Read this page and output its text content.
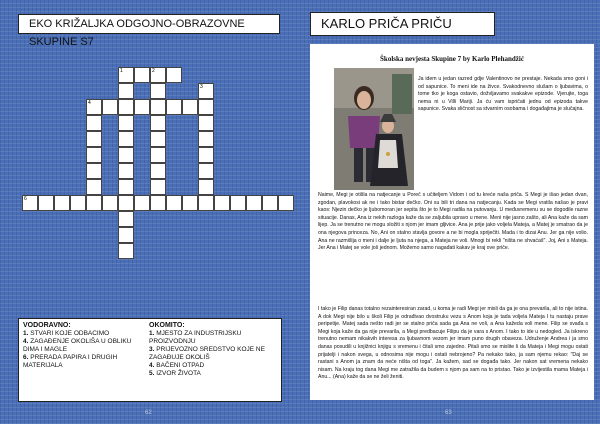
EKO KRIŽALJKA ODGOJNO-OBRAZOVNE SKUPINE S7
1	2
3
4
6
VODORAVNO:
1. STVARI KOJE ODBACIMO
4. ZAGAĐENJE OKOLIŠA U OBLIKU DIMA I MAGLE
6. PRERADA PAPIRA I DRUGIH MATERIJALA
OKOMITO:
1. MJESTO ZA INDUSTRIJSKU PROIZVODNJU
3. PRIJEVOZNO SREDSTVO KOJE NE ZAGAĐUJE OKOLIŠ
4. BAČENI OTPAD
5. IZVOR ŽIVOTA
62
KARLO PRIČA PRIČU
Školska nevjesta Skupine 7 by Karlo Plehandžić
Ja idem u jedan razred gdje Valentinovo ne prestaje. Nekada smo goni i od sapunice. To meni ide na živce. Svakodnevno slušam o ljubavima, o tome tko je koga ostavio, dožvljavamo svakakve epizode. Vjerujte, toga nema ni u Villi Mariji. Ja ću vam ispričati jednu od epizoda takve sapunice. Svaka sličnost sa stvarnim osobama i događajima je slučajna.
Naime, Megi je otišla na natjecanje u Poreč s učiteljem Vidom i od tu kreće naša priča. S Megi je išao jedan dvan, zgodan, plavokosi ak ne i tako bistar dečko. Oni su bili tri dana na natjecanju. Kada se Megi vratila našao je pravi kaos: Njezin dečko je ljubomoran jer sepita što je to Megi radila na putovanju. U međuvremenu su se dogodile razne situacije. Danas, Ana iz nekih razloga kaže da se zaljubila upravo u mene. Meni nije jasno zašto, ali Ana kaže da sam lijep. Ja se trenutno ne mogu složiti s njom jer imam gljivice. Ana je prije jako voljela Mateja, a Matej je smatrao da je ona njegova princeza. No, Ani on stalno stavlja govore a ne bi mogla spriječiti. Mada i to dizai Anu. Jer ga nije volio. Ana ne razmišlja o meni i dalje je ljuta na njega, a Mateja ne voli. Mnogi bi rekli "ništa ne shvaćaš". Joj, Ani s Mateja. Jer Ana i Matej se vole još jednom. Možemo samo nagađati kakav je kraj ove priče.
I tako je Filip danas totalno rezainteresiran zarad, u koma je radi Megi jer misli da ga je ona prevarila, ali to nije istina. A dok Megi nije bilo u školi Filip je odrađivao dvostruku vezu s Anom koja je tada voljela Mateja I tu nastaju prave peripetije. Matej sada nešto radi jer se stalno priča sada ga Ana ne voli, a Ana kažeda voli mene. Filip se svađa s Megi koja kaže da ga nije prevarila, a Megi predbacuje Filipu da je vara s Anom. I tako to ide u nedogled. Ja iskreno trenutno nemam nikakvih interesa za ljubavnom vezom jer imam puno drugih obaveza. Udruženje Andrea i ja smo danas posudili u knjižnici knjigu s vremenu i čitali smo zajedno. Pitali smo se mislite li da Mateja i Megi mogu ostati prijatelji i nakon svega, u odnosima nije mogu i ostati nebrojeno? Pa nekako tako, ja sam njemu rekao: "Daj se rastani s Anom ja znam da neće ništa od toga". Ja kažem, sad se događa tako. Jer nakon sat vremena nekako nisam. Na kraju tog dana Megi me zatražila da budem s njom pa sam na to pristao. Tako je izvijestila mama Mateja i Anu... (Ana) kaže da se ne želi ženiti.
63
